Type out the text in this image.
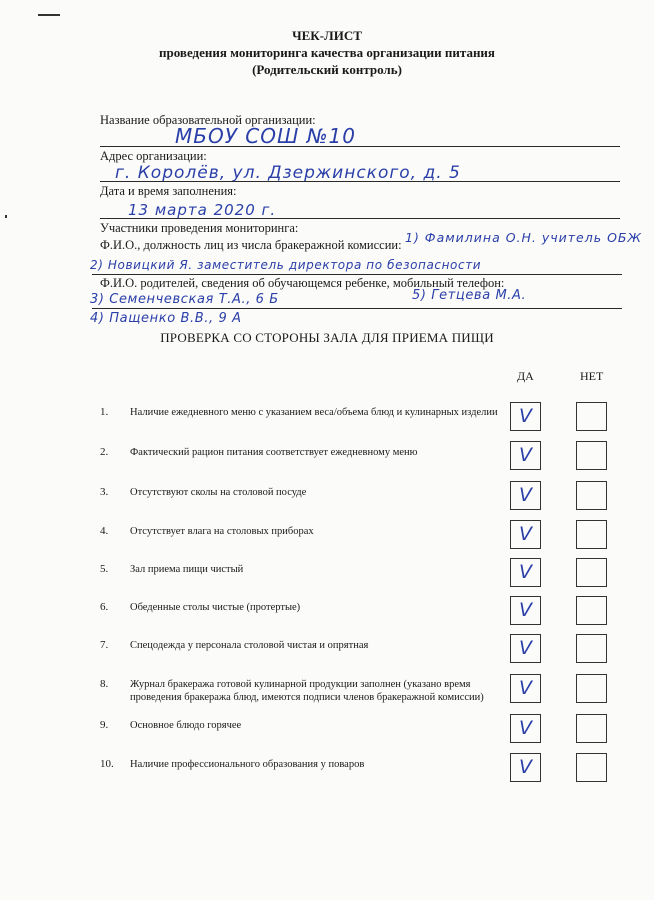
ЧЕК-ЛИСТ
проведения мониторинга качества организации питания
(Родительский контроль)
Название образовательной организации:
МБОУ СОШ №10
Адрес организации:
г. Королёв, ул. Дзержинского, д. 5
Дата и время заполнения:
13 марта 2020 г.
Участники проведения мониторинга:
Ф.И.О., должность лиц из числа бракеражной комиссии: 1) Фамилина О.Н. учитель ОБЖ
2) Новицкий Я. заместитель директора по безопасности
Ф.И.О. родителей, сведения об обучающемся ребенке, мобильный телефон:
3) Семенчевская Т.А., 6 Б	5) Гетцева М.А.
4) Пащенко В.В., 9 А
ПРОВЕРКА СО СТОРОНЫ ЗАЛА ДЛЯ ПРИЕМА ПИЩИ
ДА	НЕТ
1. Наличие ежедневного меню с указанием веса/объема блюд и кулинарных изделии V
2. Фактический рацион питания соответствует ежедневному меню	V
3. Отсутствуют сколы на столовой посуде	V
4. Отсутствует влага на столовых приборах	V
5. Зал приема пищи чистый	V
6. Обеденные столы чистые (протертые)	V
7. Спецодежда у персонала столовой чистая и опрятная	V
8. Журнал бракеража готовой кулинарной продукции заполнен (указано время проведения бракеража блюд, имеются подписи членов бракеражной комиссии)	V
9. Основное блюдо горячее	V
10. Наличие профессионального образования у поваров	V
